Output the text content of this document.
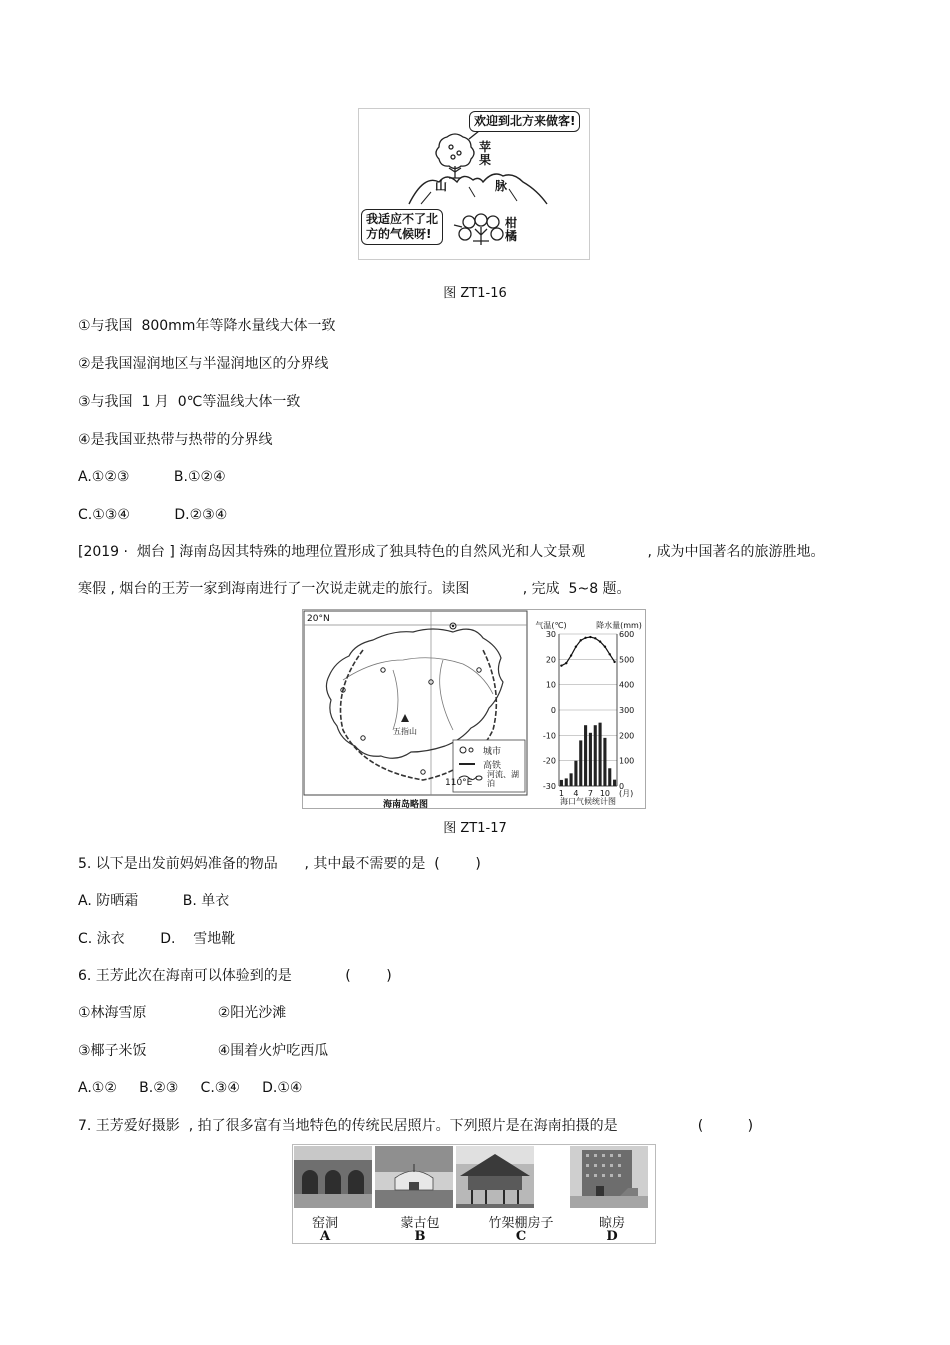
欢迎到北方来做客!
苹果
山	脉
我适应不了北
方的气候呀!
柑橘
图 ZT1-16
①与我国  800mm年等降水量线大体一致
②是我国湿润地区与半湿润地区的分界线
③与我国  1 月  0℃等温线大体一致
④是我国亚热带与热带的分界线
A.①②③          B.①②④
C.①③④          D.②③④
[2019 ·  烟台 ] 海南岛因其特殊的地理位置形成了独具特色的自然风光和人文景观              , 成为中国著名的旅游胜地。
寒假 , 烟台的王芳一家到海南进行了一次说走就走的旅行。读图            , 完成  5~8 题。
20°N
110°E
五指山
城市
高铁
河流、湖泊
海南岛略图
30	600
20	500
10	400
0	300
-10	200
-20	100
-30	0
气温(℃)	降水量(mm)
1 4 7 10 (月)
海口气候统计图
图 ZT1-17
5. 以下是出发前妈妈准备的物品      , 其中最不需要的是  (        )
A. 防晒霜          B. 单衣
C. 泳衣        D.    雪地靴
6. 王芳此次在海南可以体验到的是            (        )
①林海雪原                ②阳光沙滩
③椰子米饭                ④围着火炉吃西瓜
A.①②     B.②③     C.③④     D.①④
7. 王芳爱好摄影  , 拍了很多富有当地特色的传统民居照片。下列照片是在海南拍摄的是                  (          )
窑洞	蒙古包	竹架棚房子	晾房
A	B	C	D
